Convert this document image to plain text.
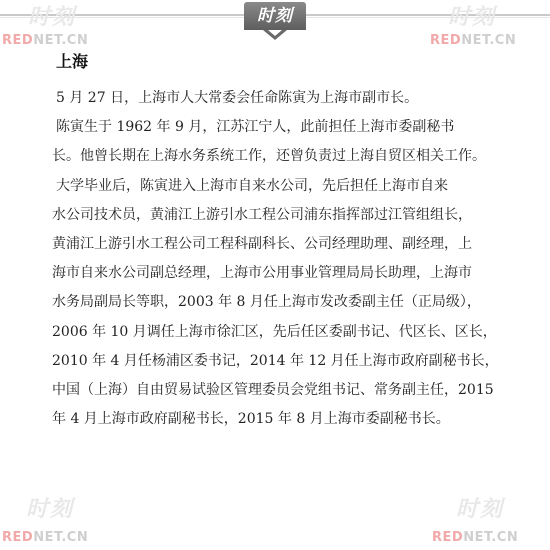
时刻
时刻	时刻
REDNET.CN	REDNET.CN
时刻	时刻
REDNET.CN	REDNET.CN
上海

5 月 27 日，上海市人大常委会任命陈寅为上海市副市长。

陈寅生于 1962 年 9 月，江苏江宁人，此前担任上海市委副秘书
长。他曾长期在上海水务系统工作，还曾负责过上海自贸区相关工作。

大学毕业后，陈寅进入上海市自来水公司，先后担任上海市自来
水公司技术员，黄浦江上游引水工程公司浦东指挥部过江管组组长，
黄浦江上游引水工程公司工程科副科长、公司经理助理、副经理，上
海市自来水公司副总经理，上海市公用事业管理局局长助理，上海市
水务局副局长等职，2003 年 8 月任上海市发改委副主任（正局级），
2006 年 10 月调任上海市徐汇区，先后任区委副书记、代区长、区长，
2010 年 4 月任杨浦区委书记，2014 年 12 月任上海市政府副秘书长，
中国（上海）自由贸易试验区管理委员会党组书记、常务副主任，2015
年 4 月上海市政府副秘书长，2015 年 8 月上海市委副秘书长。
